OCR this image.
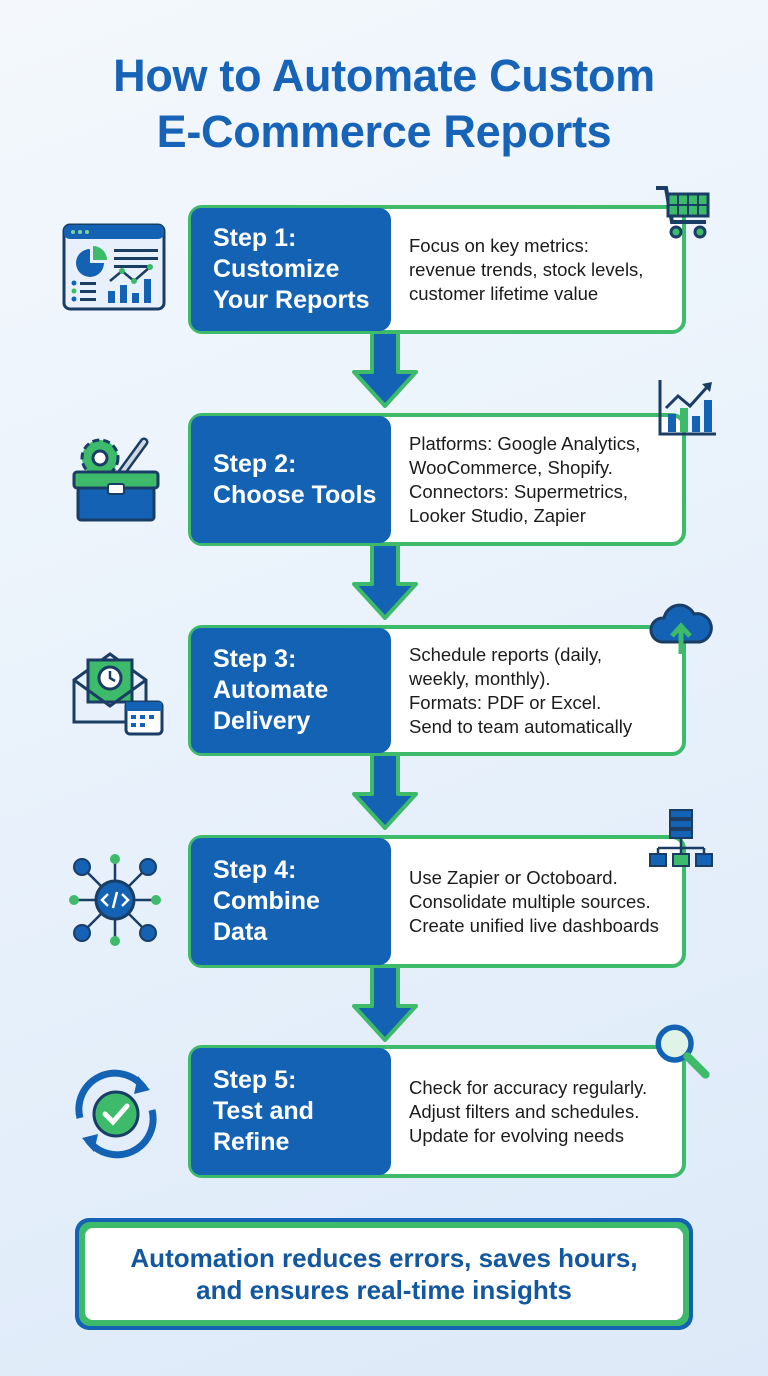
How to Automate Custom
E-Commerce Reports
Step 1:
Customize
Your Reports
Focus on key metrics:
revenue trends, stock levels,
customer lifetime value
Step 2:
Choose Tools
Platforms: Google Analytics,
WooCommerce, Shopify.
Connectors: Supermetrics,
Looker Studio, Zapier
Step 3:
Automate
Delivery
Schedule reports (daily,
weekly, monthly).
Formats: PDF or Excel.
Send to team automatically
Step 4:
Combine
Data
Use Zapier or Octoboard.
Consolidate multiple sources.
Create unified live dashboards
Step 5:
Test and
Refine
Check for accuracy regularly.
Adjust filters and schedules.
Update for evolving needs
Automation reduces errors, saves hours,
and ensures real-time insights
